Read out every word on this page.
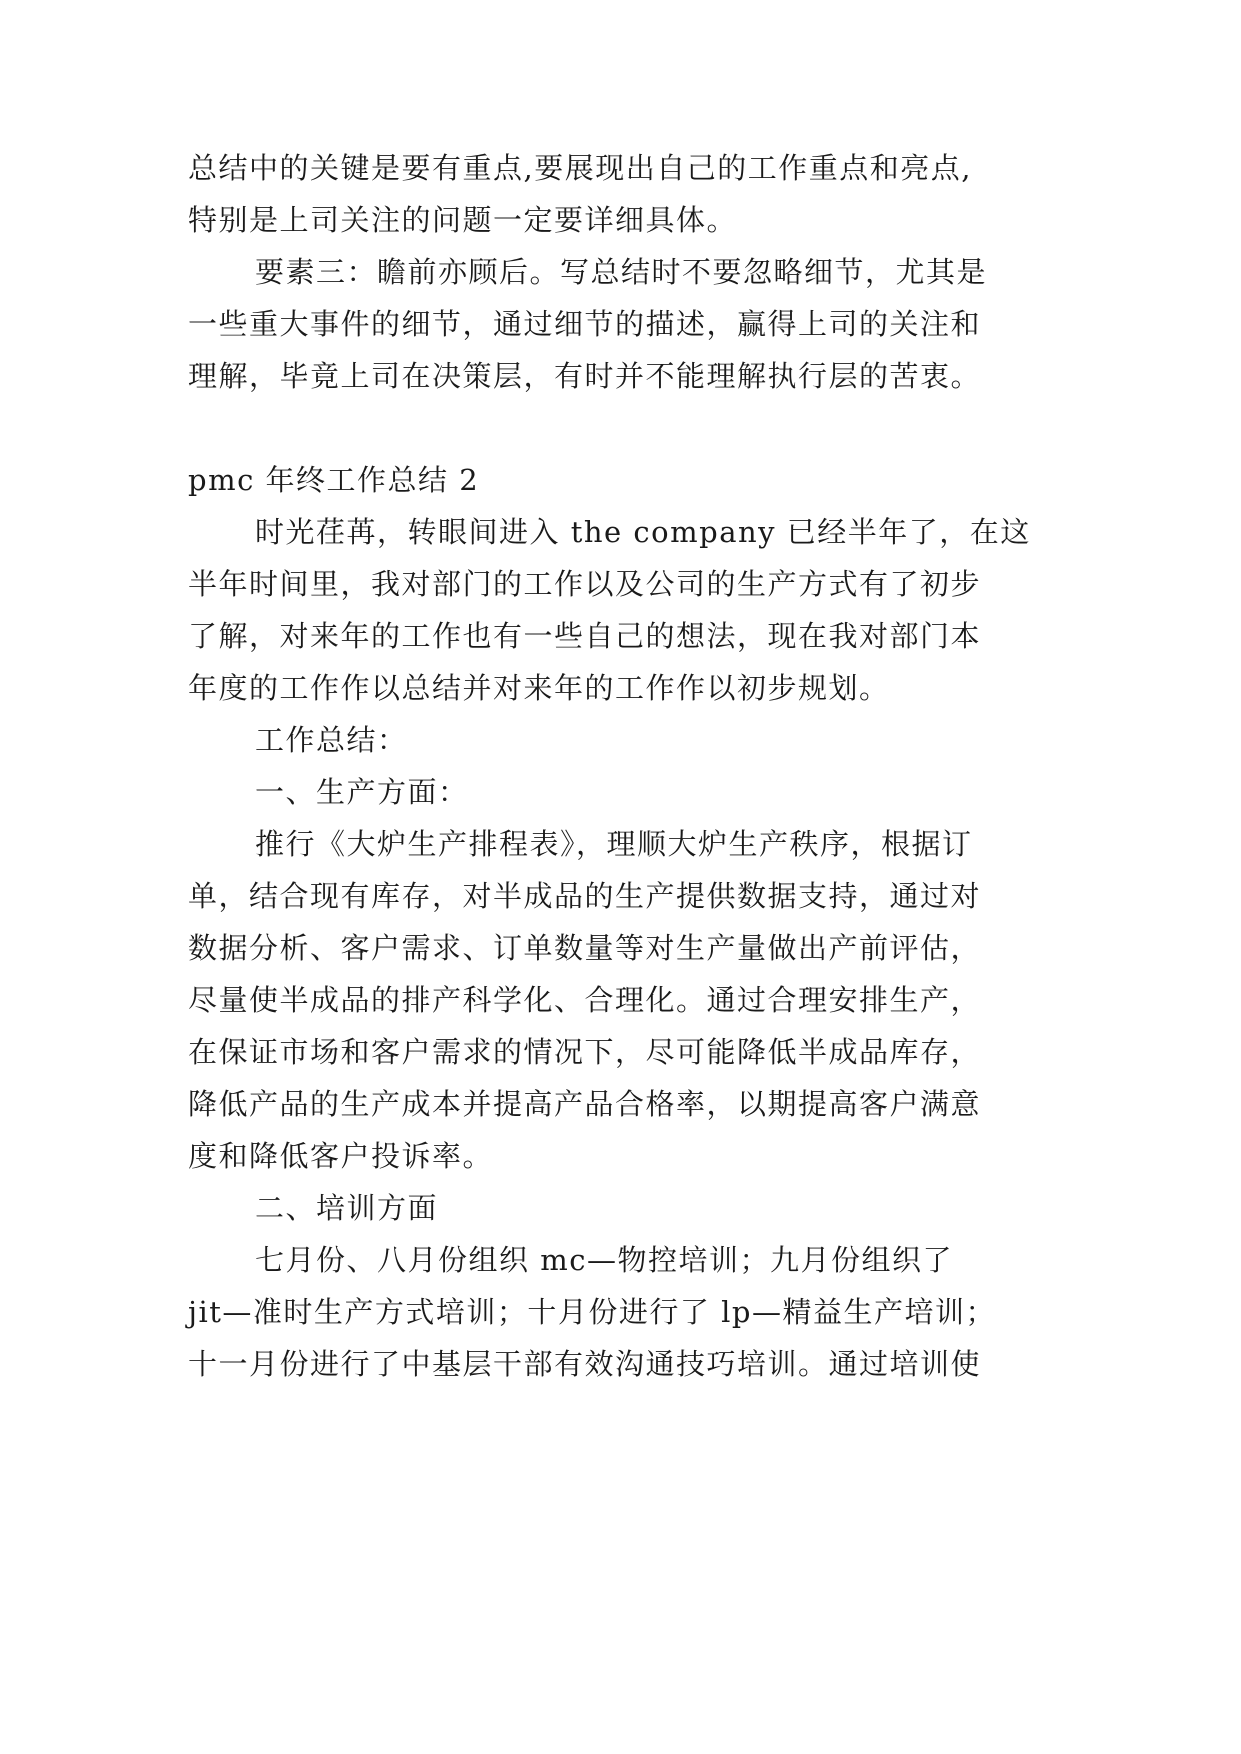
总结中的关键是要有重点,要展现出自己的工作重点和亮点,
特别是上司关注的问题一定要详细具体。
要素三：瞻前亦顾后。写总结时不要忽略细节，尤其是
一些重大事件的细节，通过细节的描述，赢得上司的关注和
理解，毕竟上司在决策层，有时并不能理解执行层的苦衷。
pmc 年终工作总结 2
时光荏苒，转眼间进入 the company 已经半年了，在这
半年时间里，我对部门的工作以及公司的生产方式有了初步
了解，对来年的工作也有一些自己的想法，现在我对部门本
年度的工作作以总结并对来年的工作作以初步规划。
工作总结：
一、生产方面：
推行《大炉生产排程表》，理顺大炉生产秩序，根据订
单，结合现有库存，对半成品的生产提供数据支持，通过对
数据分析、客户需求、订单数量等对生产量做出产前评估，
尽量使半成品的排产科学化、合理化。通过合理安排生产，
在保证市场和客户需求的情况下，尽可能降低半成品库存，
降低产品的生产成本并提高产品合格率，以期提高客户满意
度和降低客户投诉率。
二、培训方面
七月份、八月份组织 mc—物控培训；九月份组织了
jit—准时生产方式培训；十月份进行了 lp—精益生产培训；
十一月份进行了中基层干部有效沟通技巧培训。通过培训使
